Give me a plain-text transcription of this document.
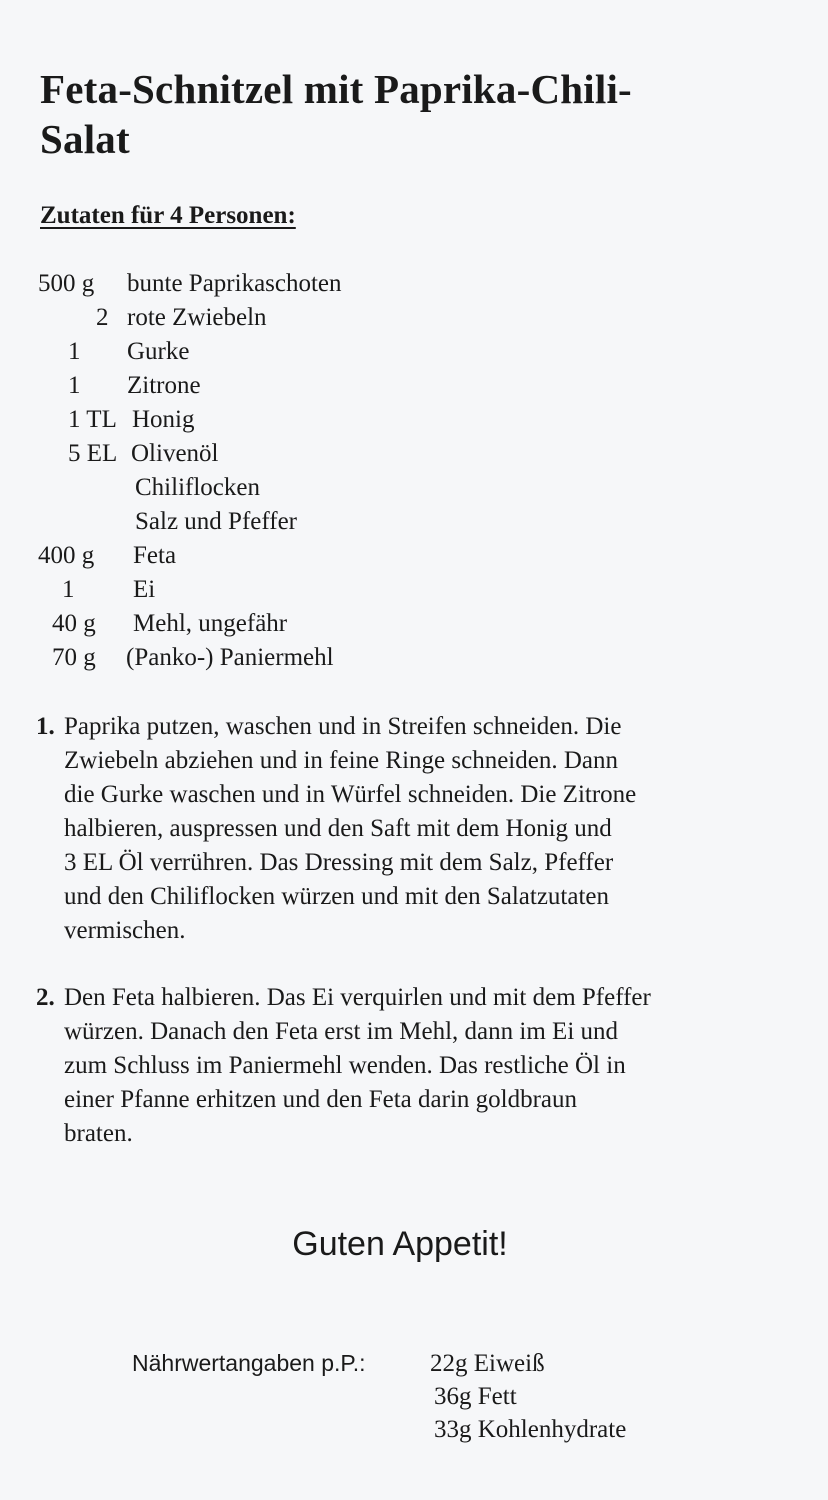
Feta-Schnitzel mit Paprika-Chili-
Salat
Zutaten für 4 Personen:
500 g bunte Paprikaschoten
2 rote Zwiebeln
1 Gurke
1 Zitrone
1 TL Honig
5 EL Olivenöl
Chiliflocken
Salz und Pfeffer
400 g Feta
1 Ei
40 g Mehl, ungefähr
70 g (Panko-) Paniermehl
1. Paprika putzen, waschen und in Streifen schneiden. Die
Zwiebeln abziehen und in feine Ringe schneiden. Dann
die Gurke waschen und in Würfel schneiden. Die Zitrone
halbieren, auspressen und den Saft mit dem Honig und
3 EL Öl verrühren. Das Dressing mit dem Salz, Pfeffer
und den Chiliflocken würzen und mit den Salatzutaten
vermischen.
2. Den Feta halbieren. Das Ei verquirlen und mit dem Pfeffer
würzen. Danach den Feta erst im Mehl, dann im Ei und
zum Schluss im Paniermehl wenden. Das restliche Öl in
einer Pfanne erhitzen und den Feta darin goldbraun
braten.
Guten Appetit!
Nährwertangaben p.P.:	22g Eiweiß
36g Fett
33g Kohlenhydrate
